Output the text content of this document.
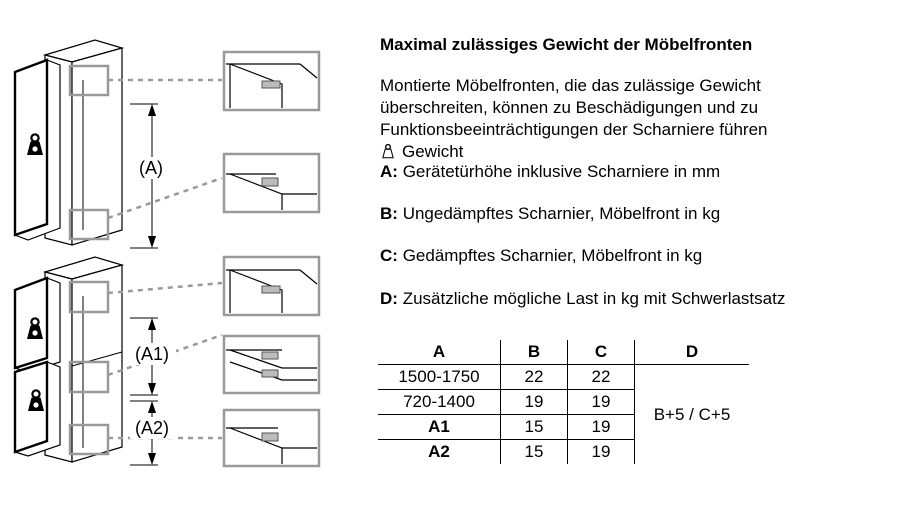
(A)
(A1)
(A2)
Maximal zulässiges Gewicht der Möbelfronten
Montierte Möbelfronten, die das zulässige Gewicht
überschreiten, können zu Beschädigungen und zu
Funktionsbeeinträchtigungen der Scharniere führen
Gewicht
A: Gerätetürhöhe inklusive Scharniere in mm
B: Ungedämpftes Scharnier, Möbelfront in kg
C: Gedämpftes Scharnier, Möbelfront in kg
D: Zusätzliche mögliche Last in kg mit Schwerlastsatz
A	B	C	D
1500-1750	22	22	B+5 / C+5
720-1400	19	19	
A1	15	19	
A2	15	19	
